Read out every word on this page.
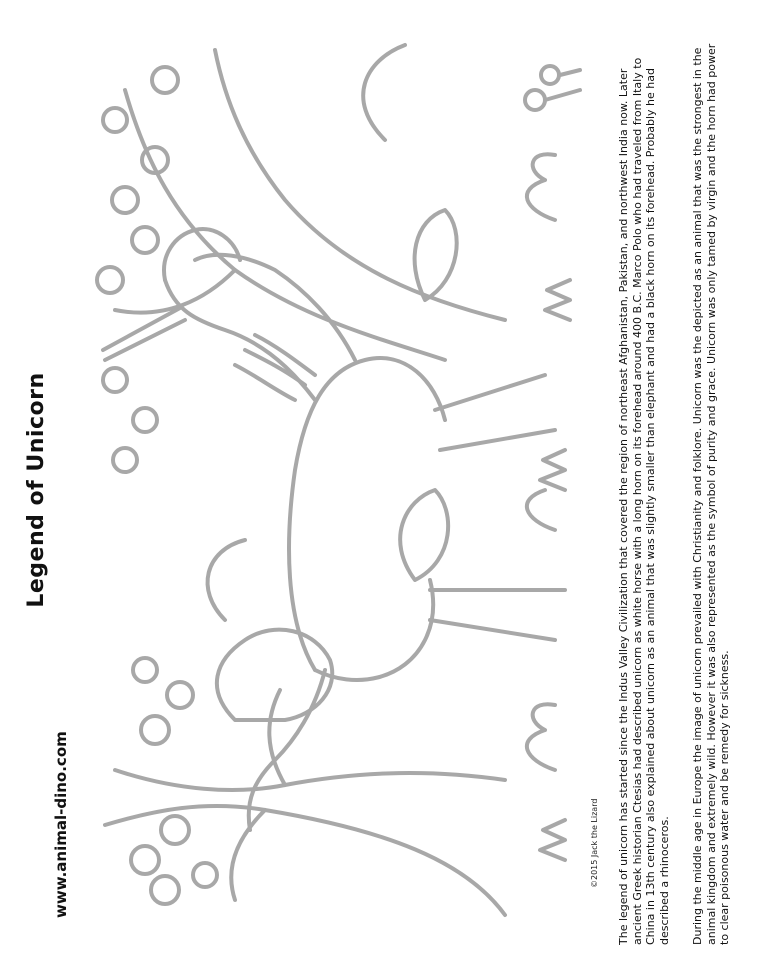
Legend of Unicorn
www.animal-dino.com	©2015 Jack the Lizard The legend of unicorn has started since the Indus Valley Civilization that covered the region of northeast Afghanistan, Pakistan, and northwest India now. Later ancient Greek historian Ctesias had described unicorn as white horse with a long horn on its forehead around 400 B.C. Marco Polo who had traveled from Italy to China in 13th century also explained about unicorn as an animal that was slightly smaller than elephant and had a black horn on its forehead. Probably he had described a rhinoceros. During the middle age in Europe the image of unicorn prevailed with Christianity and folklore. Unicorn was the depicted as an animal that was the strongest in the animal kingdom and extremely wild. However it was also represented as the symbol of purity and grace. Unicorn was only tamed by virgin and the horn had power to clear poisonous water and be remedy for sickness.
